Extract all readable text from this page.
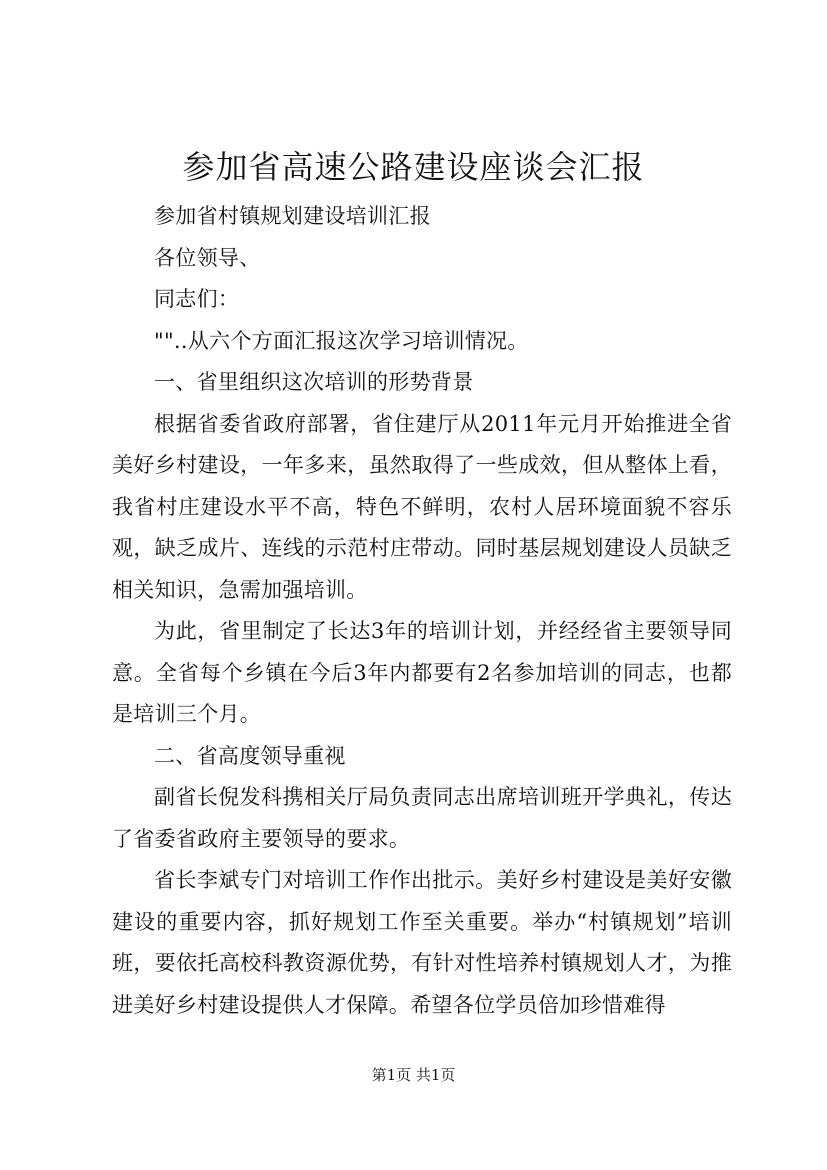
参加省高速公路建设座谈会汇报

参加省村镇规划建设培训汇报

各位领导、

同志们：

""..从六个方面汇报这次学习培训情况。

一、省里组织这次培训的形势背景

根据省委省政府部署，省住建厅从2011年元月开始推进全省美好乡村建设，一年多来，虽然取得了一些成效，但从整体上看，我省村庄建设水平不高，特色不鲜明，农村人居环境面貌不容乐观，缺乏成片、连线的示范村庄带动。同时基层规划建设人员缺乏相关知识，急需加强培训。

为此，省里制定了长达3年的培训计划，并经经省主要领导同意。全省每个乡镇在今后3年内都要有2名参加培训的同志，也都是培训三个月。

二、省高度领导重视

副省长倪发科携相关厅局负责同志出席培训班开学典礼，传达了省委省政府主要领导的要求。

省长李斌专门对培训工作作出批示。美好乡村建设是美好安徽建设的重要内容，抓好规划工作至关重要。举办“村镇规划”培训班，要依托高校科教资源优势，有针对性培养村镇规划人才，为推进美好乡村建设提供人才保障。希望各位学员倍加珍惜难得

第1页 共1页
